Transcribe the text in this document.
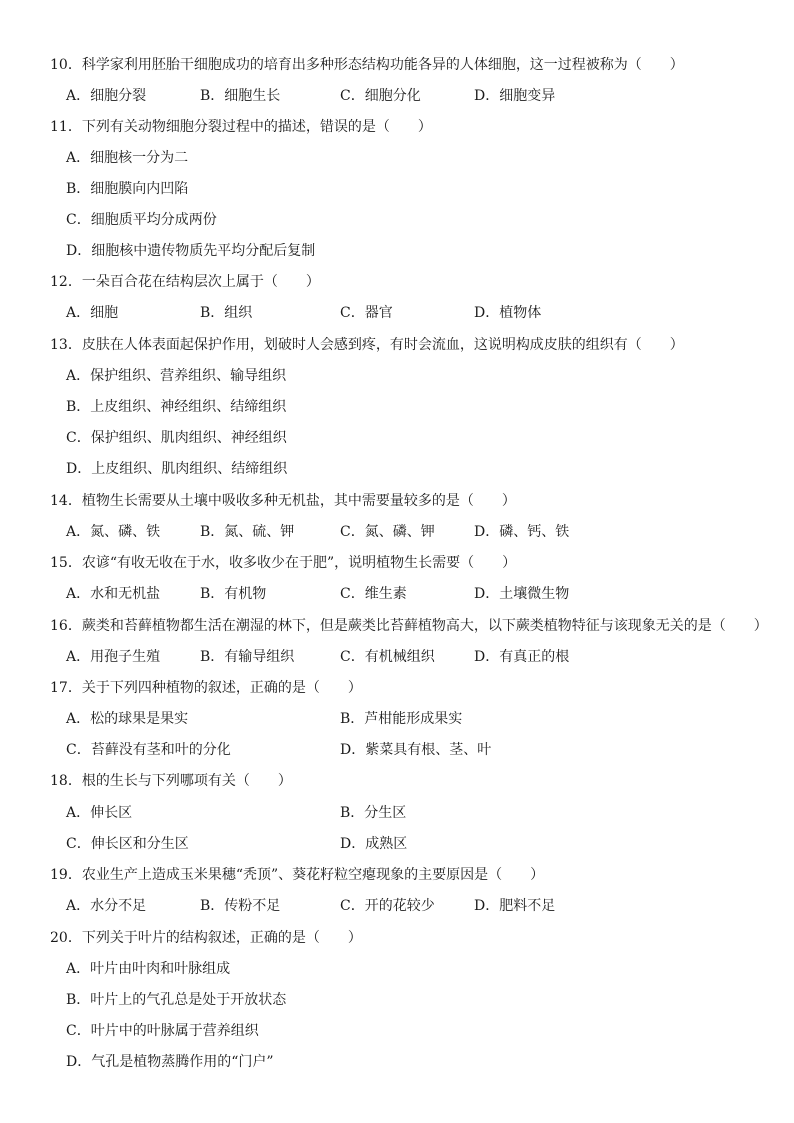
10．科学家利用胚胎干细胞成功的培育出多种形态结构功能各异的人体细胞，这一过程被称为（　　）
A．细胞分裂	B．细胞生长	C．细胞分化	D．细胞变异
11．下列有关动物细胞分裂过程中的描述，错误的是（　　）
A．细胞核一分为二
B．细胞膜向内凹陷
C．细胞质平均分成两份
D．细胞核中遗传物质先平均分配后复制
12．一朵百合花在结构层次上属于（　　）
A．细胞	B．组织	C．器官	D．植物体
13．皮肤在人体表面起保护作用，划破时人会感到疼，有时会流血，这说明构成皮肤的组织有（　　）
A．保护组织、营养组织、输导组织
B．上皮组织、神经组织、结缔组织
C．保护组织、肌肉组织、神经组织
D．上皮组织、肌肉组织、结缔组织
14．植物生长需要从土壤中吸收多种无机盐，其中需要量较多的是（　　）
A．氮、磷、铁	B．氮、硫、钾	C．氮、磷、钾	D．磷、钙、铁
15．农谚“有收无收在于水，收多收少在于肥”，说明植物生长需要（　　）
A．水和无机盐	B．有机物	C．维生素	D．土壤微生物
16．蕨类和苔藓植物都生活在潮湿的林下，但是蕨类比苔藓植物高大，以下蕨类植物特征与该现象无关的是（　　）
A．用孢子生殖	B．有输导组织	C．有机械组织	D．有真正的根
17．关于下列四种植物的叙述，正确的是（　　）
A．松的球果是果实	B．芦柑能形成果实
C．苔藓没有茎和叶的分化	D．紫菜具有根、茎、叶
18．根的生长与下列哪项有关（　　）
A．伸长区	B．分生区
C．伸长区和分生区	D．成熟区
19．农业生产上造成玉米果穗“秃顶”、葵花籽粒空瘪现象的主要原因是（　　）
A．水分不足	B．传粉不足	C．开的花较少	D．肥料不足
20．下列关于叶片的结构叙述，正确的是（　　）
A．叶片由叶肉和叶脉组成
B．叶片上的气孔总是处于开放状态
C．叶片中的叶脉属于营养组织
D．气孔是植物蒸腾作用的“门户”
